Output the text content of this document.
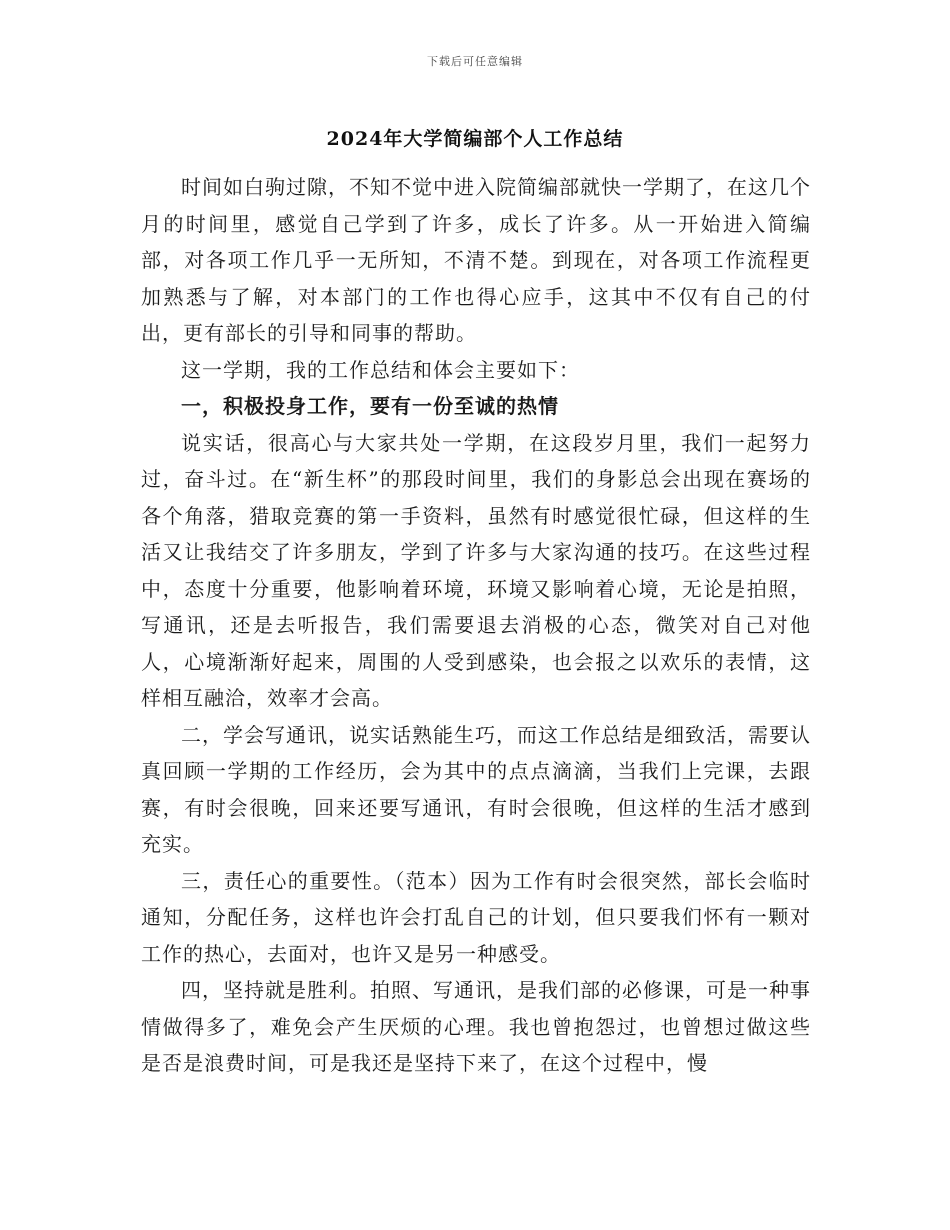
下载后可任意编辑
2024年大学简编部个人工作总结

时间如白驹过隙，不知不觉中进入院简编部就快一学期了，在这几个月的时间里，感觉自己学到了许多，成长了许多。从一开始进入简编部，对各项工作几乎一无所知，不清不楚。到现在，对各项工作流程更加熟悉与了解，对本部门的工作也得心应手，这其中不仅有自己的付出，更有部长的引导和同事的帮助。

这一学期，我的工作总结和体会主要如下：

一，积极投身工作，要有一份至诚的热情

说实话，很高心与大家共处一学期，在这段岁月里，我们一起努力过，奋斗过。在“新生杯”的那段时间里，我们的身影总会出现在赛场的各个角落，猎取竞赛的第一手资料，虽然有时感觉很忙碌，但这样的生活又让我结交了许多朋友，学到了许多与大家沟通的技巧。在这些过程中，态度十分重要，他影响着环境，环境又影响着心境，无论是拍照，写通讯，还是去听报告，我们需要退去消极的心态，微笑对自己对他人，心境渐渐好起来，周围的人受到感染，也会报之以欢乐的表情，这样相互融洽，效率才会高。

二，学会写通讯，说实话熟能生巧，而这工作总结是细致活，需要认真回顾一学期的工作经历，会为其中的点点滴滴，当我们上完课，去跟赛，有时会很晚，回来还要写通讯，有时会很晚，但这样的生活才感到充实。

三，责任心的重要性。（范本）因为工作有时会很突然，部长会临时通知，分配任务，这样也许会打乱自己的计划，但只要我们怀有一颗对工作的热心，去面对，也许又是另一种感受。

四，坚持就是胜利。拍照、写通讯，是我们部的必修课，可是一种事情做得多了，难免会产生厌烦的心理。我也曾抱怨过，也曾想过做这些是否是浪费时间，可是我还是坚持下来了，在这个过程中，慢
